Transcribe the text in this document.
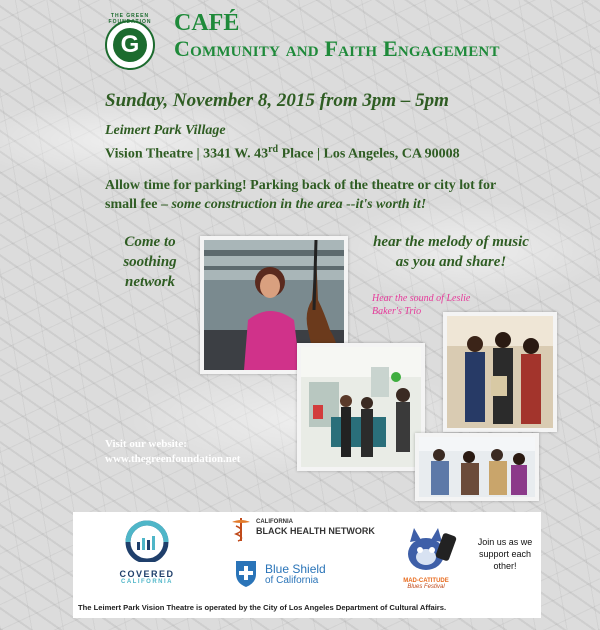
THE GREEN FOUNDATION
G
CAFÉ
Community and Faith Engagement
Sunday, November 8, 2015 from 3pm – 5pm
Leimert Park Village
Vision Theatre | 3341 W. 43rd Place | Los Angeles, CA 90008
Allow time for parking! Parking back of the theatre or city lot for small fee – some construction in the area --it's worth it!
Come to soothing network
hear the melody of music as you and share!
Hear the sound of Leslie Baker's Trio
Visit our website:
www.thegreenfoundation.net
COVERED
CALIFORNIA
CALIFORNIA
BLACK HEALTH NETWORK
Blue Shield
of California	MAD-CATITUDE
Blues Festival
Join us as we support each other!
The Leimert Park Vision Theatre is operated by the City of Los Angeles Department of Cultural Affairs.
